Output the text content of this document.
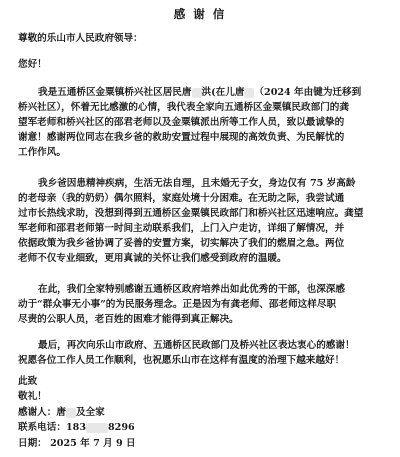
感 谢 信
尊敬的乐山市人民政府领导：
您好！
我是五通桥区金粟镇桥兴社区居民唐 洪(在儿唐 （2024 年由键为迁移到
桥兴社区），怀着无比感激的心情，我代表全家向五通桥区金粟镇民政部门的龚
望军老师和桥兴社区的邵君老师以及金粟镇派出所等工作人员，致以最诚挚的
谢意！感谢两位同志在我乡爸的救助安置过程中展现的高效负责、为民解忧的
工作作风。
我乡爸因患精神疾病，生活无法自理，且未婚无子女，身边仅有 75 岁高龄
的老母亲（我的奶奶）偶尔照料，家庭处境十分困难。在无助之际，我尝试通
过市长热线求助，没想到得到五通桥区金粟镇民政部门和桥兴社区迅速响应。龚望
军老师和邵君老师第一时间主动联系我们，上门入户走访，详细了解情况，并
依据政策为我乡爸协调了妥善的安置方案，切实解决了我们的燃眉之急。两位
老师不仅专业细致，更用真诚的关怀让我们感受到政府的温暖。
在此，我们全家特别感谢五通桥区政府培养出如此优秀的干部，也深深感
动于“群众事无小事”的为民服务理念。正是因为有龚老师、邵老师这样尽职
尽责的公职人员，老百姓的困难才能得到真正解决。
最后，再次向乐山市政府、五通桥区民政部门及桥兴社区表达衷心的感谢！
祝愿各位工作人员工作顺利，也祝愿乐山市在这样有温度的治理下越来越好！
此致
敬礼！
感谢人：唐 及全家
联系电话：183 8296
日期： 2025 年 7 月 9 日
